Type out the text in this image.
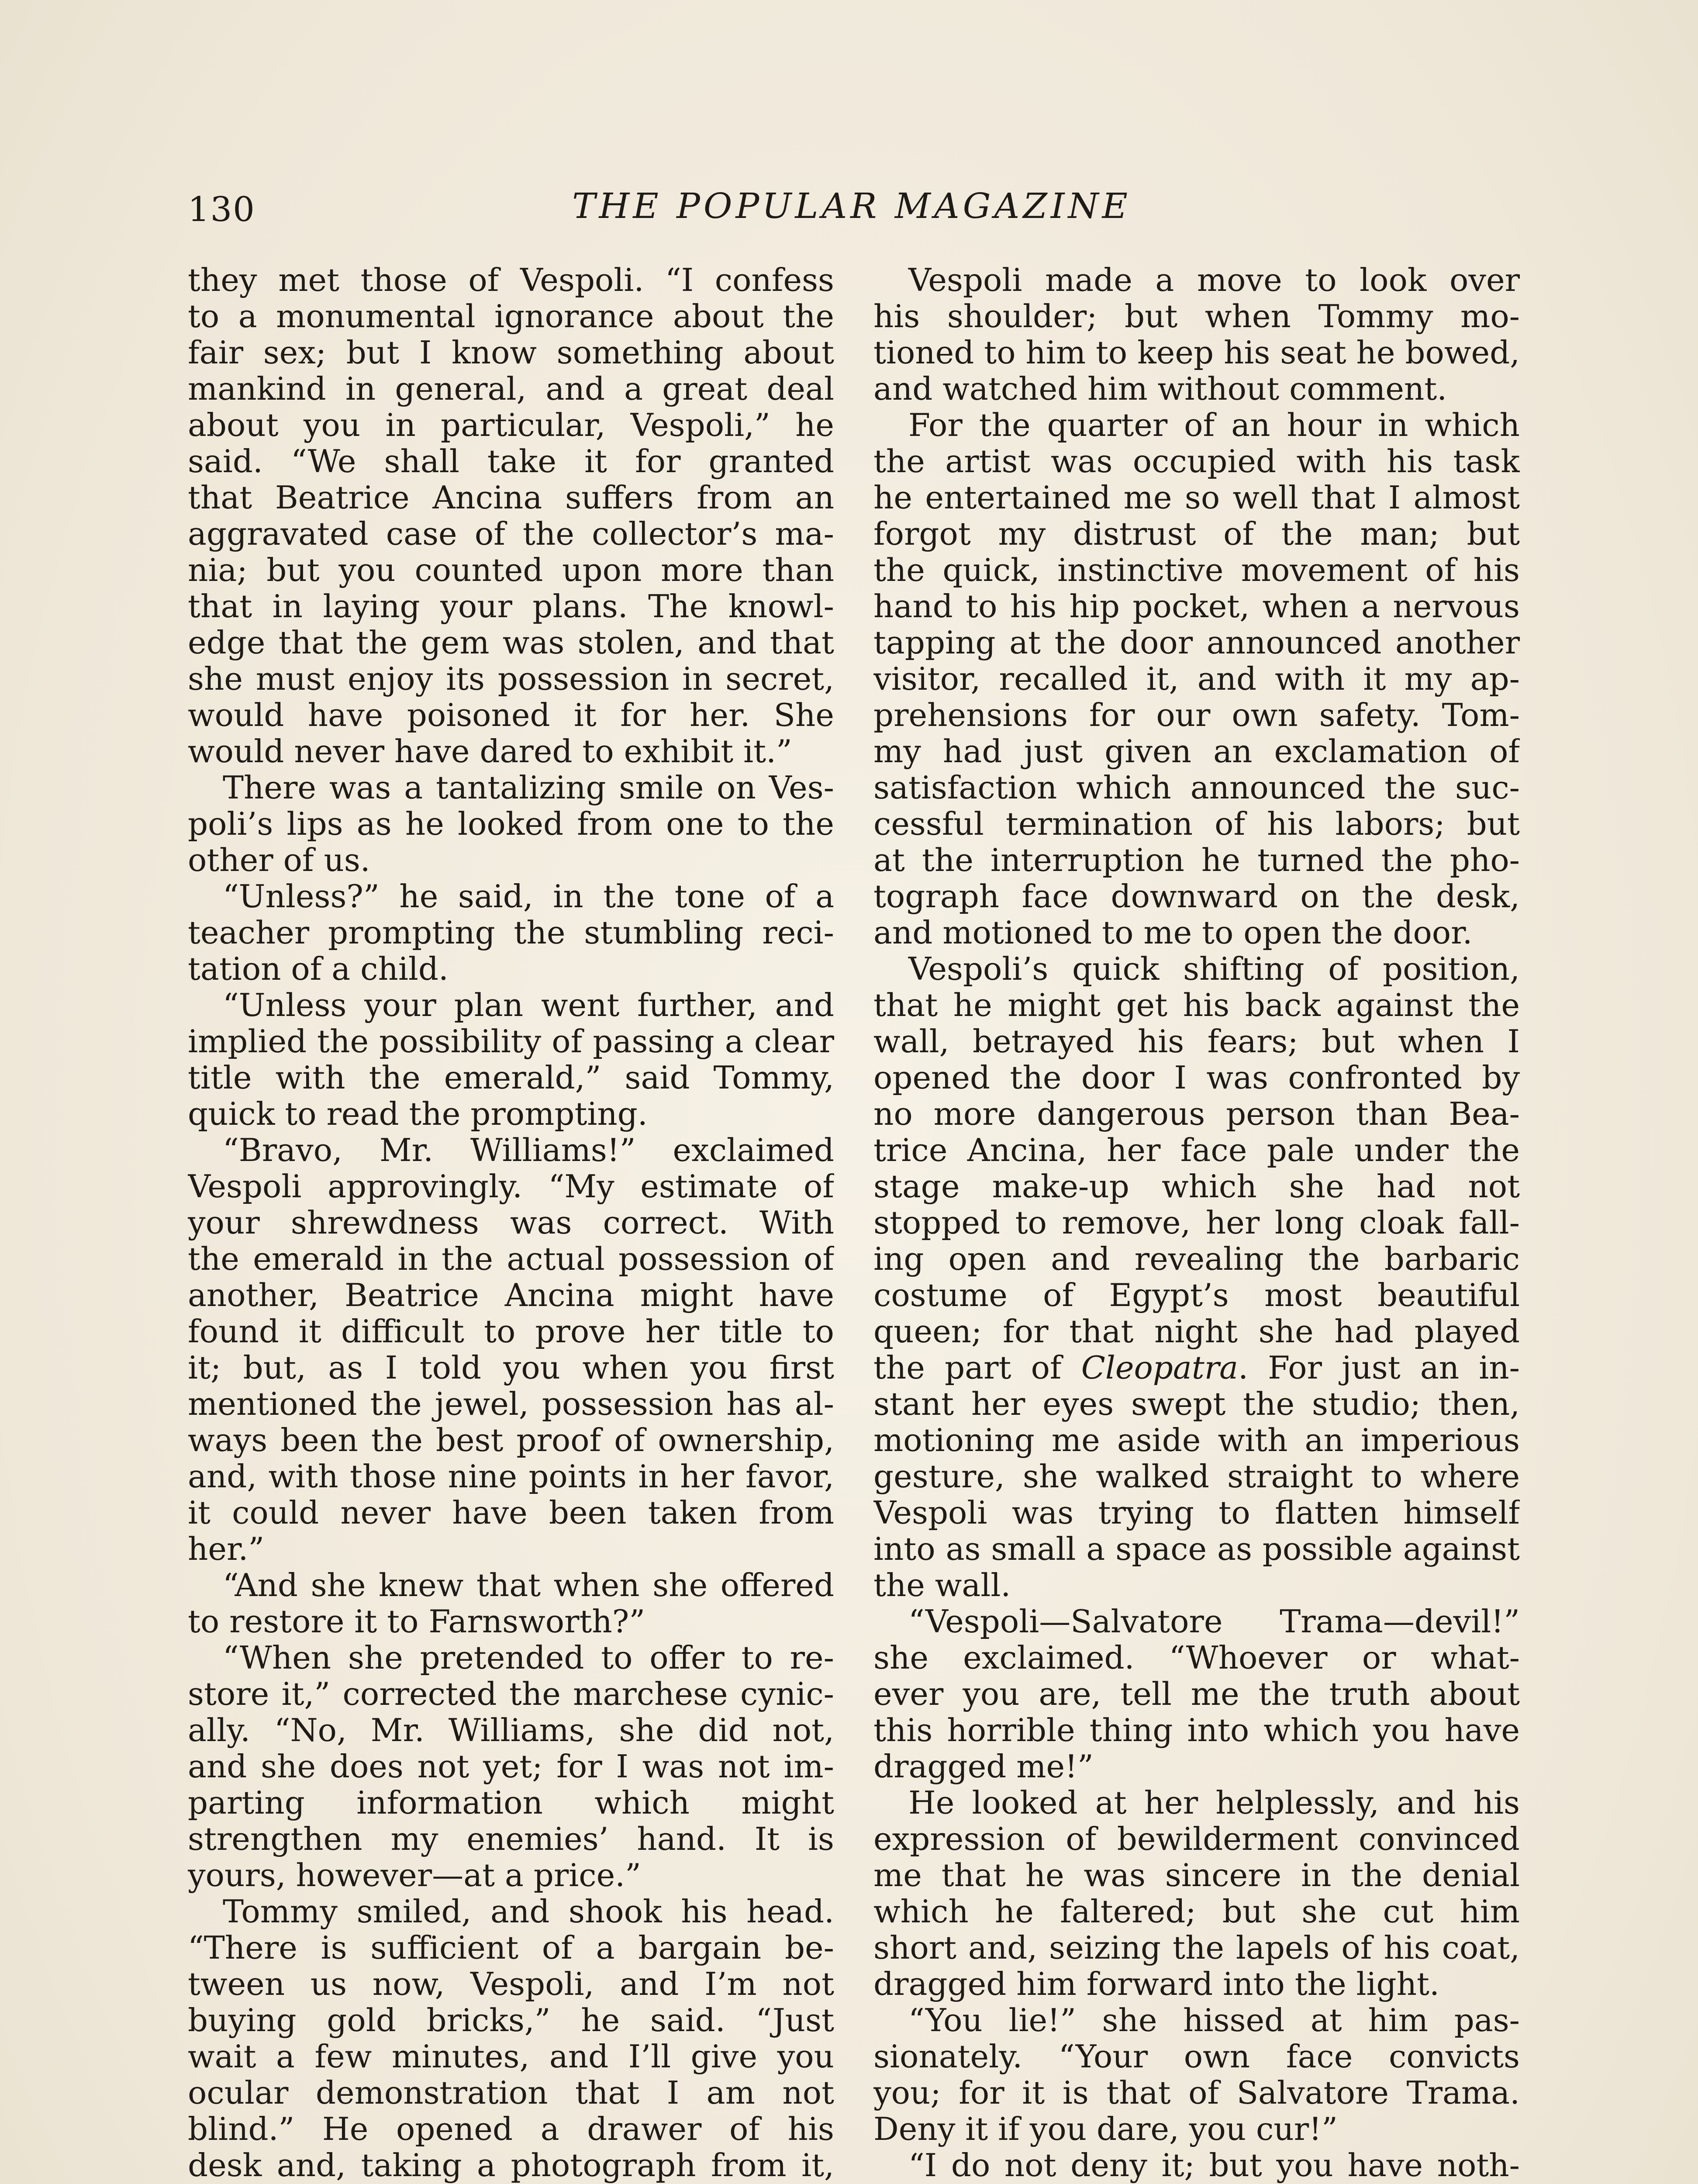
130	THE POPULAR MAGAZINE
they met those of Vespoli. “I confess
to a monumental ignorance about the
fair sex; but I know something about
mankind in general, and a great deal
about you in particular, Vespoli,” he
said. “We shall take it for granted
that Beatrice Ancina suffers from an
aggravated case of the collector’s ma-
nia; but you counted upon more than
that in laying your plans. The knowl-
edge that the gem was stolen, and that
she must enjoy its possession in secret,
would have poisoned it for her. She
would never have dared to exhibit it.”
There was a tantalizing smile on Ves-
poli’s lips as he looked from one to the
other of us.
“Unless?” he said, in the tone of a
teacher prompting the stumbling reci-
tation of a child.
“Unless your plan went further, and
implied the possibility of passing a clear
title with the emerald,” said Tommy,
quick to read the prompting.
“Bravo, Mr. Williams!” exclaimed
Vespoli approvingly. “My estimate of
your shrewdness was correct. With
the emerald in the actual possession of
another, Beatrice Ancina might have
found it difficult to prove her title to
it; but, as I told you when you first
mentioned the jewel, possession has al-
ways been the best proof of ownership,
and, with those nine points in her favor,
it could never have been taken from
her.”
“And she knew that when she offered
to restore it to Farnsworth?”
“When she pretended to offer to re-
store it,” corrected the marchese cynic-
ally. “No, Mr. Williams, she did not,
and she does not yet; for I was not im-
parting information which might
strengthen my enemies’ hand. It is
yours, however—at a price.”
Tommy smiled, and shook his head.
“There is sufficient of a bargain be-
tween us now, Vespoli, and I’m not
buying gold bricks,” he said. “Just
wait a few minutes, and I’ll give you
ocular demonstration that I am not
blind.” He opened a drawer of his
desk and, taking a photograph from it,
Vespoli made a move to look over
his shoulder; but when Tommy mo-
tioned to him to keep his seat he bowed,
and watched him without comment.
For the quarter of an hour in which
the artist was occupied with his task
he entertained me so well that I almost
forgot my distrust of the man; but
the quick, instinctive movement of his
hand to his hip pocket, when a nervous
tapping at the door announced another
visitor, recalled it, and with it my ap-
prehensions for our own safety. Tom-
my had just given an exclamation of
satisfaction which announced the suc-
cessful termination of his labors; but
at the interruption he turned the pho-
tograph face downward on the desk,
and motioned to me to open the door.
Vespoli’s quick shifting of position,
that he might get his back against the
wall, betrayed his fears; but when I
opened the door I was confronted by
no more dangerous person than Bea-
trice Ancina, her face pale under the
stage make-up which she had not
stopped to remove, her long cloak fall-
ing open and revealing the barbaric
costume of Egypt’s most beautiful
queen; for that night she had played
the part of Cleopatra. For just an in-
stant her eyes swept the studio; then,
motioning me aside with an imperious
gesture, she walked straight to where
Vespoli was trying to flatten himself
into as small a space as possible against
the wall.
“Vespoli—Salvatore Trama—devil!”
she exclaimed. “Whoever or what-
ever you are, tell me the truth about
this horrible thing into which you have
dragged me!”
He looked at her helplessly, and his
expression of bewilderment convinced
me that he was sincere in the denial
which he faltered; but she cut him
short and, seizing the lapels of his coat,
dragged him forward into the light.
“You lie!” she hissed at him pas-
sionately. “Your own face convicts
you; for it is that of Salvatore Trama.
Deny it if you dare, you cur!”
“I do not deny it; but you have noth-
